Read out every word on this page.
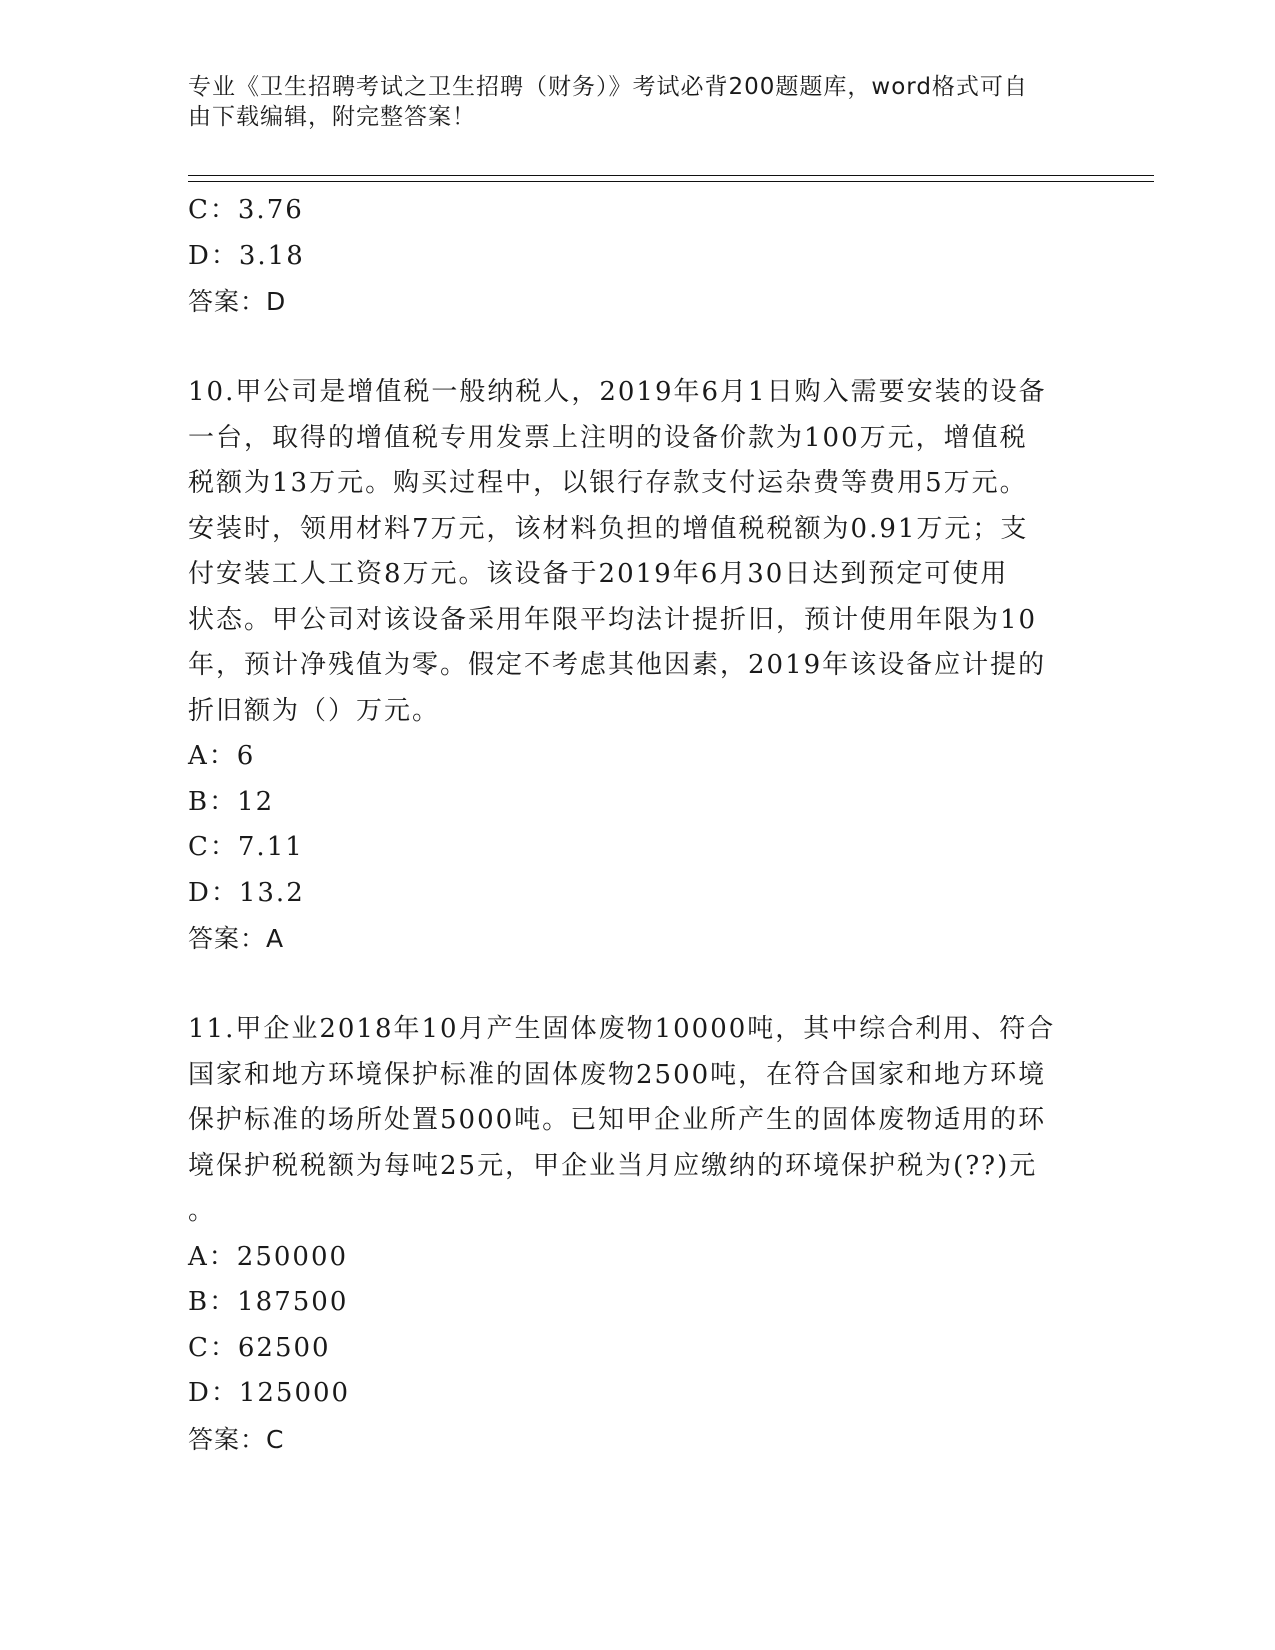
专业《卫生招聘考试之卫生招聘（财务）》考试必背200题题库，word格式可自
由下载编辑，附完整答案！
C：3.76
D：3.18
答案：D
10.甲公司是增值税一般纳税人，2019年6月1日购入需要安装的设备
一台，取得的增值税专用发票上注明的设备价款为100万元，增值税
税额为13万元。购买过程中，以银行存款支付运杂费等费用5万元。
安装时，领用材料7万元，该材料负担的增值税税额为0.91万元；支
付安装工人工资8万元。该设备于2019年6月30日达到预定可使用
状态。甲公司对该设备采用年限平均法计提折旧，预计使用年限为10
年，预计净残值为零。假定不考虑其他因素，2019年该设备应计提的
折旧额为（）万元。
A：6
B：12
C：7.11
D：13.2
答案：A
11.甲企业2018年10月产生固体废物10000吨，其中综合利用、符合
国家和地方环境保护标准的固体废物2500吨，在符合国家和地方环境
保护标准的场所处置5000吨。已知甲企业所产生的固体废物适用的环
境保护税税额为每吨25元，甲企业当月应缴纳的环境保护税为(??)元
。
A：250000
B：187500
C：62500
D：125000
答案：C
